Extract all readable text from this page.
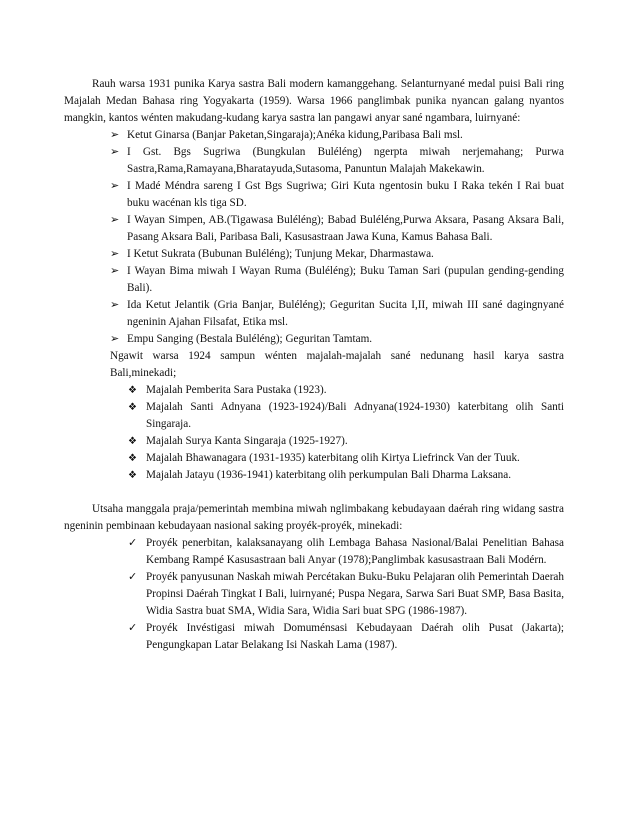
Rauh warsa 1931 punika Karya sastra Bali modern kamanggehang. Selanturnyané medal puisi Bali ring Majalah Medan Bahasa ring Yogyakarta (1959). Warsa 1966 panglimbak punika nyancan galang nyantos mangkin, kantos wénten makudang-kudang karya sastra lan pangawi anyar sané ngambara, luirnyané:

➢ Ketut Ginarsa (Banjar Paketan,Singaraja);Anéka kidung,Paribasa Bali msl.
➢ I Gst. Bgs Sugriwa (Bungkulan Buléléng) ngerpta miwah nerjemahang; Purwa Sastra,Rama,Ramayana,Bharatayuda,Sutasoma, Panuntun Malajah Makekawin.
➢ I Madé Méndra sareng I Gst Bgs Sugriwa; Giri Kuta ngentosin buku I Raka tekén I Rai buat buku wacénan kls tiga SD.
➢ I Wayan Simpen, AB.(Tigawasa Buléléng); Babad Buléléng,Purwa Aksara, Pasang Aksara Bali, Pasang Aksara Bali, Paribasa Bali, Kasusastraan Jawa Kuna, Kamus Bahasa Bali.
➢ I Ketut Sukrata (Bubunan Buléléng); Tunjung Mekar, Dharmastawa.
➢ I Wayan Bima miwah I Wayan Ruma (Buléléng); Buku Taman Sari (pupulan gending-gending Bali).
➢ Ida Ketut Jelantik (Gria Banjar, Buléléng); Geguritan Sucita I,II, miwah III sané dagingnyané ngeninin Ajahan Filsafat, Etika msl.
➢ Empu Sanging (Bestala Buléléng); Geguritan Tamtam.

Ngawit warsa 1924 sampun wénten majalah-majalah sané nedunang hasil karya sastra Bali,minekadi;

❖ Majalah Pemberita Sara Pustaka (1923).
❖ Majalah Santi Adnyana (1923-1924)/Bali Adnyana(1924-1930) katerbitang olih Santi Singaraja.
❖ Majalah Surya Kanta Singaraja (1925-1927).
❖ Majalah Bhawanagara (1931-1935) katerbitang olih Kirtya Liefrinck Van der Tuuk.
❖ Majalah Jatayu (1936-1941) katerbitang olih perkumpulan Bali Dharma Laksana.

Utsaha manggala praja/pemerintah membina miwah nglimbakang kebudayaan daérah ring widang sastra ngeninin pembinaan kebudayaan nasional saking proyék-proyék, minekadi:

✓ Proyék penerbitan, kalaksanayang olih Lembaga Bahasa Nasional/Balai Penelitian Bahasa Kembang Rampé Kasusastraan bali Anyar (1978);Panglimbak kasusastraan Bali Modérn.
✓ Proyék panyusunan Naskah miwah Percétakan Buku-Buku Pelajaran olih Pemerintah Daerah Propinsi Daérah Tingkat I Bali, luirnyané; Puspa Negara, Sarwa Sari Buat SMP, Basa Basita, Widia Sastra buat SMA, Widia Sara, Widia Sari buat SPG (1986-1987).
✓ Proyék Invéstigasi miwah Domuménsasi Kebudayaan Daérah olih Pusat (Jakarta); Pengungkapan Latar Belakang Isi Naskah Lama (1987).
